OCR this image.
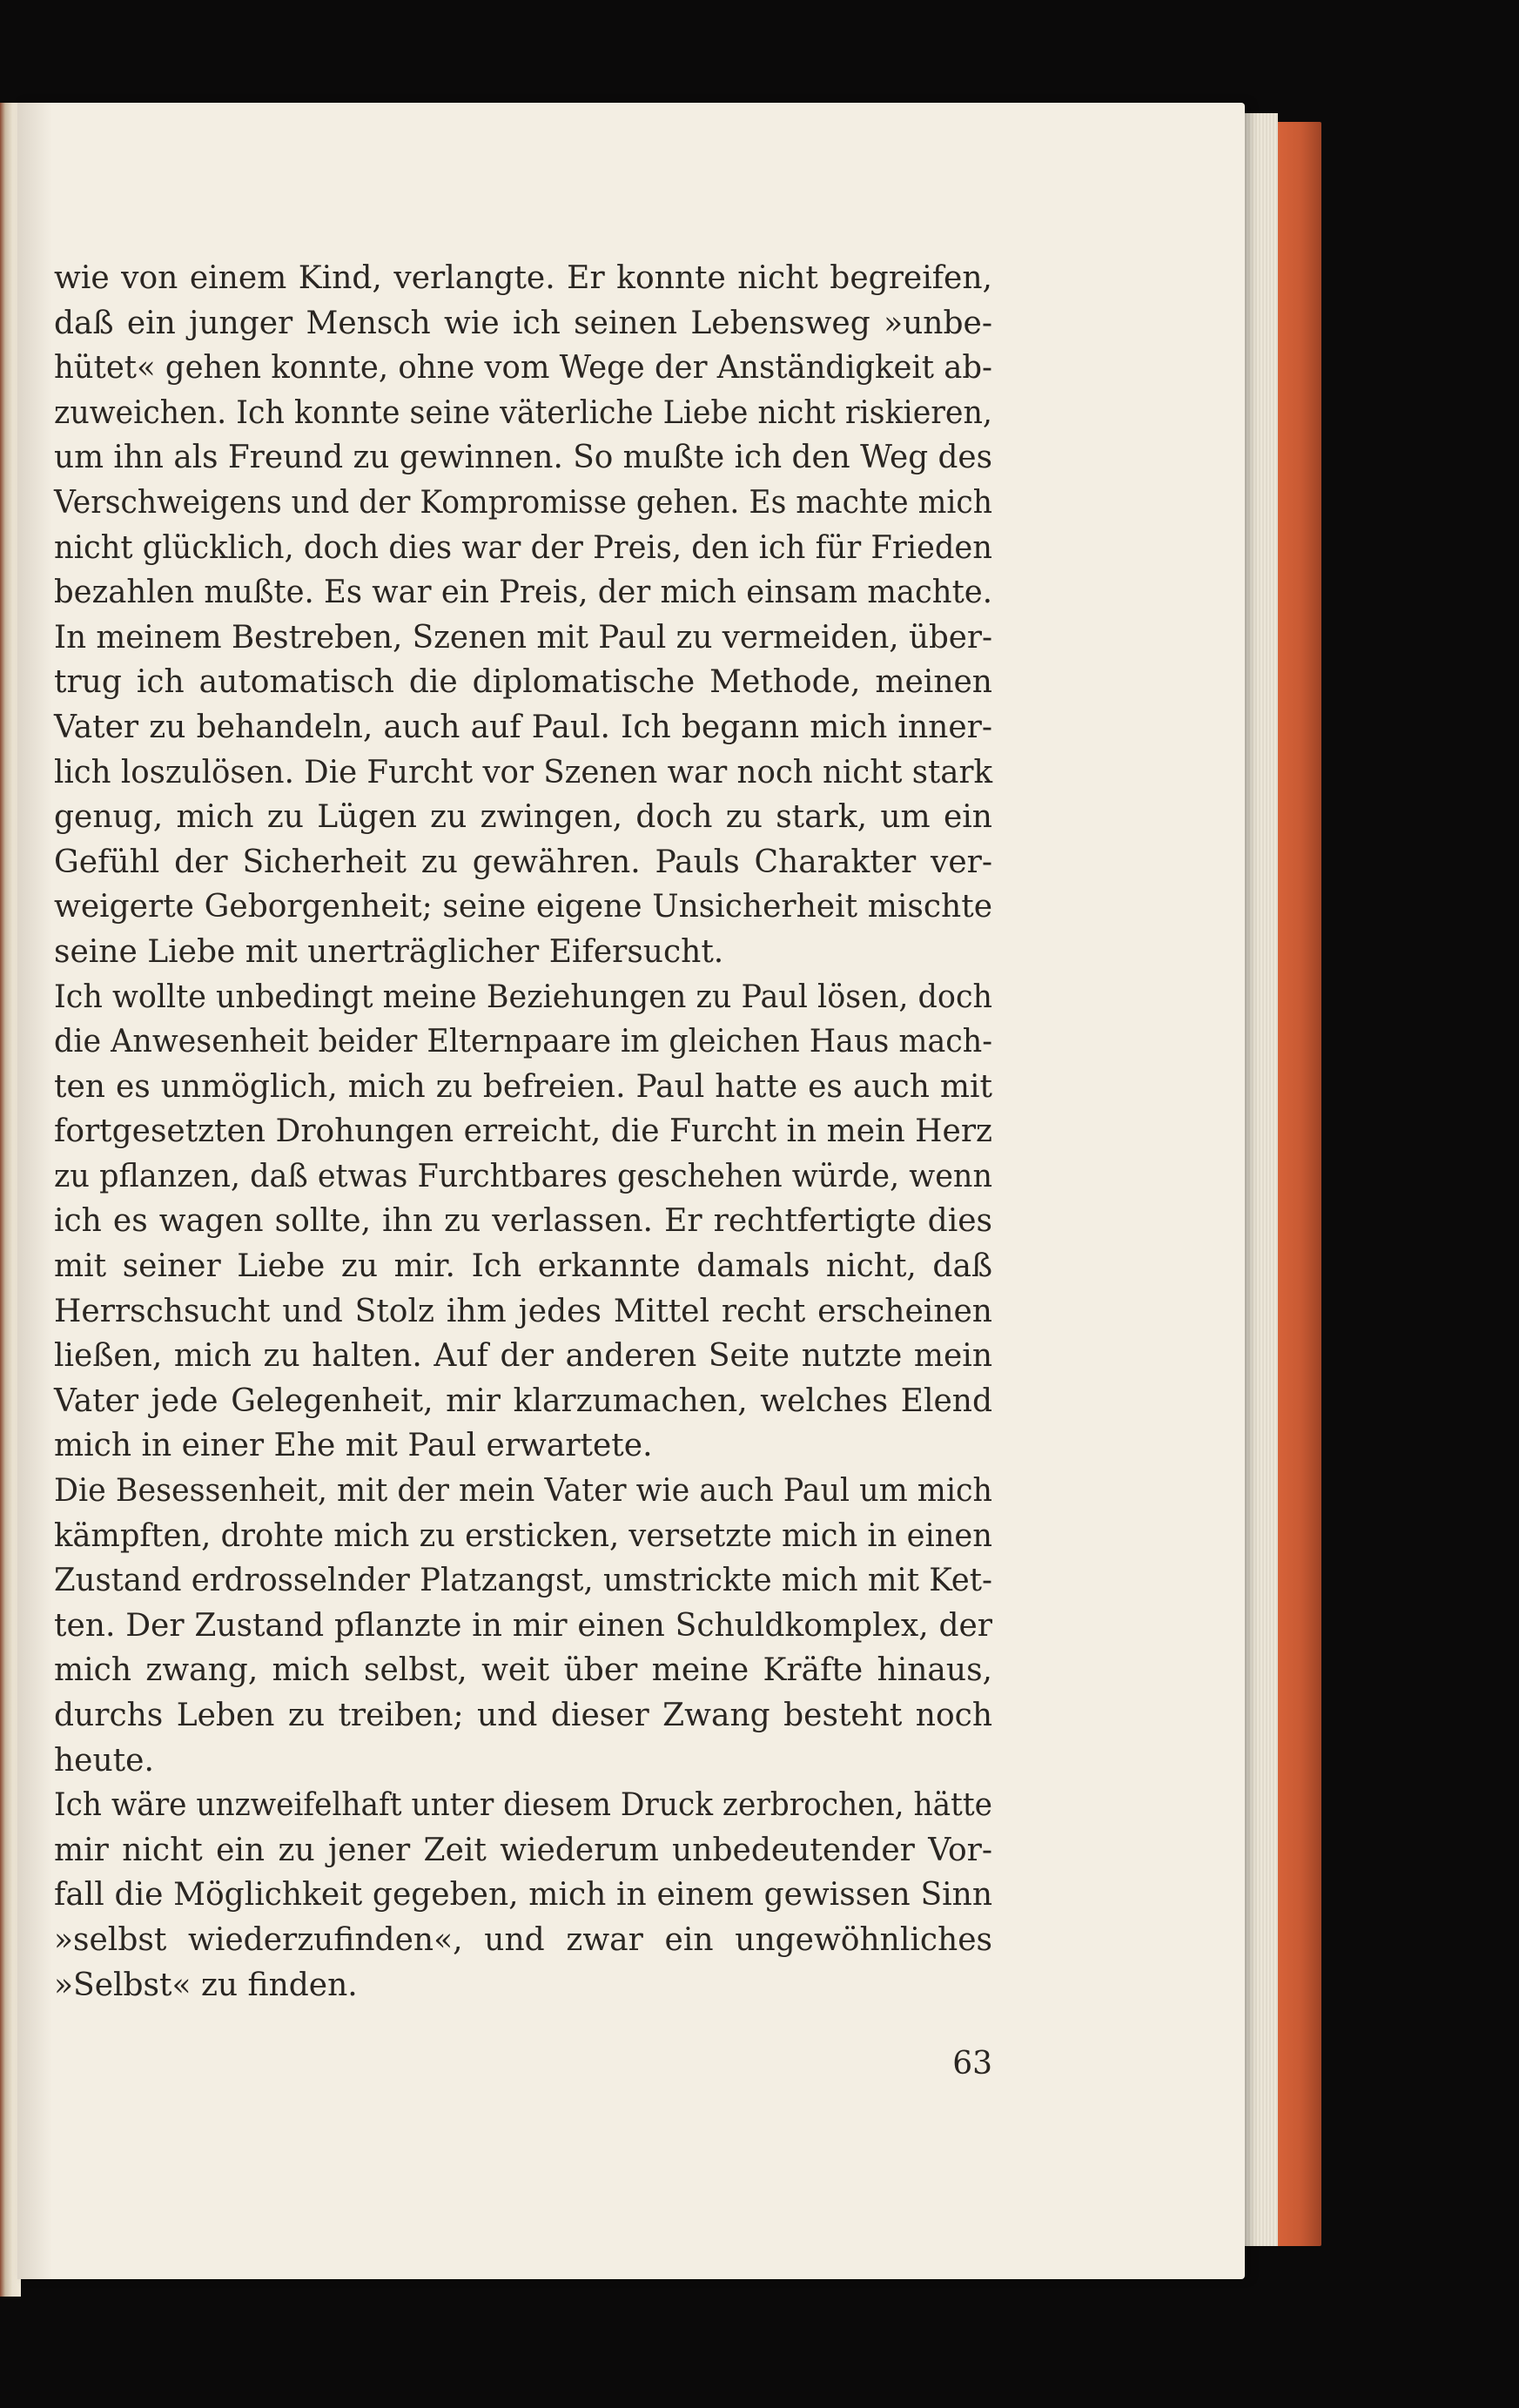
wie von einem Kind, verlangte. Er konnte nicht begreifen,
daß ein junger Mensch wie ich seinen Lebensweg »unbe-
hütet« gehen konnte, ohne vom Wege der Anständigkeit ab-
zuweichen. Ich konnte seine väterliche Liebe nicht riskieren,
um ihn als Freund zu gewinnen. So mußte ich den Weg des
Verschweigens und der Kompromisse gehen. Es machte mich
nicht glücklich, doch dies war der Preis, den ich für Frieden
bezahlen mußte. Es war ein Preis, der mich einsam machte.
In meinem Bestreben, Szenen mit Paul zu vermeiden, über-
trug ich automatisch die diplomatische Methode, meinen
Vater zu behandeln, auch auf Paul. Ich begann mich inner-
lich loszulösen. Die Furcht vor Szenen war noch nicht stark
genug, mich zu Lügen zu zwingen, doch zu stark, um ein
Gefühl der Sicherheit zu gewähren. Pauls Charakter ver-
weigerte Geborgenheit; seine eigene Unsicherheit mischte
seine Liebe mit unerträglicher Eifersucht.
Ich wollte unbedingt meine Beziehungen zu Paul lösen, doch
die Anwesenheit beider Elternpaare im gleichen Haus mach-
ten es unmöglich, mich zu befreien. Paul hatte es auch mit
fortgesetzten Drohungen erreicht, die Furcht in mein Herz
zu pflanzen, daß etwas Furchtbares geschehen würde, wenn
ich es wagen sollte, ihn zu verlassen. Er rechtfertigte dies
mit seiner Liebe zu mir. Ich erkannte damals nicht, daß
Herrschsucht und Stolz ihm jedes Mittel recht erscheinen
ließen, mich zu halten. Auf der anderen Seite nutzte mein
Vater jede Gelegenheit, mir klarzumachen, welches Elend
mich in einer Ehe mit Paul erwartete.
Die Besessenheit, mit der mein Vater wie auch Paul um mich
kämpften, drohte mich zu ersticken, versetzte mich in einen
Zustand erdrosselnder Platzangst, umstrickte mich mit Ket-
ten. Der Zustand pflanzte in mir einen Schuldkomplex, der
mich zwang, mich selbst, weit über meine Kräfte hinaus,
durchs Leben zu treiben; und dieser Zwang besteht noch
heute.
Ich wäre unzweifelhaft unter diesem Druck zerbrochen, hätte
mir nicht ein zu jener Zeit wiederum unbedeutender Vor-
fall die Möglichkeit gegeben, mich in einem gewissen Sinn
»selbst wiederzufinden«, und zwar ein ungewöhnliches
»Selbst« zu finden.
63
